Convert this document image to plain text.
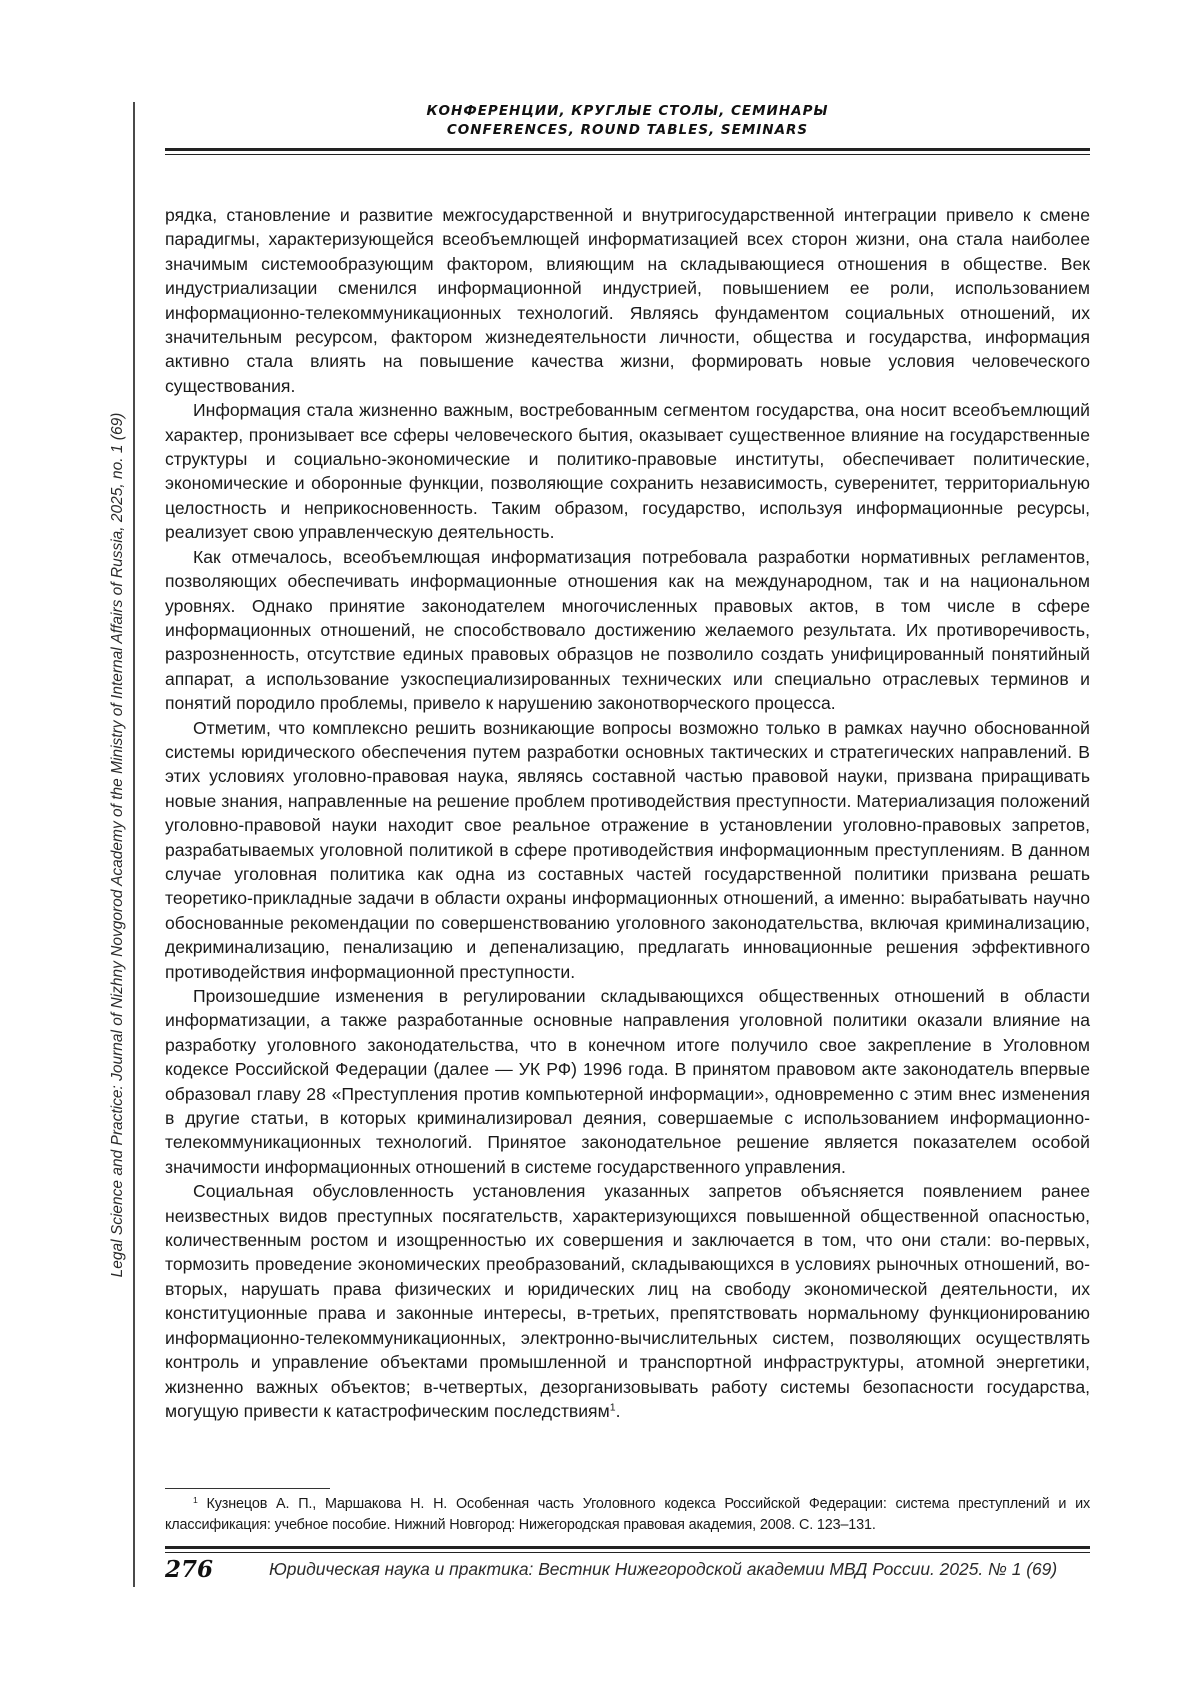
Legal Science and Practice: Journal of Nizhny Novgorod Academy of the Ministry of Internal Affairs of Russia, 2025, no. 1 (69)
КОНФЕРЕНЦИИ, КРУГЛЫЕ СТОЛЫ, СЕМИНАРЫ
CONFERENCES, ROUND TABLES, SEMINARS

рядка, становление и развитие межгосударственной и внутригосударственной интеграции привело к смене парадигмы, характеризующейся всеобъемлющей информатизацией всех сторон жизни, она стала наиболее значимым системообразующим фактором, влияющим на складывающиеся отношения в обществе. Век индустриализации сменился информационной индустрией, повышением ее роли, использованием информационно-телекоммуникационных технологий. Являясь фундаментом социальных отношений, их значительным ресурсом, фактором жизнедеятельности личности, общества и государства, информация активно стала влиять на повышение качества жизни, формировать новые условия человеческого существования.

Информация стала жизненно важным, востребованным сегментом государства, она носит всеобъемлющий характер, пронизывает все сферы человеческого бытия, оказывает существенное влияние на государственные структуры и социально-экономические и политико-правовые институты, обеспечивает политические, экономические и оборонные функции, позволяющие сохранить независимость, суверенитет, территориальную целостность и неприкосновенность. Таким образом, государство, используя информационные ресурсы, реализует свою управленческую деятельность.

Как отмечалось, всеобъемлющая информатизация потребовала разработки нормативных регламентов, позволяющих обеспечивать информационные отношения как на международном, так и на национальном уровнях. Однако принятие законодателем многочисленных правовых актов, в том числе в сфере информационных отношений, не способствовало достижению желаемого результата. Их противоречивость, разрозненность, отсутствие единых правовых образцов не позволило создать унифицированный понятийный аппарат, а использование узкоспециализированных технических или специально отраслевых терминов и понятий породило проблемы, привело к нарушению законотворческого процесса.

Отметим, что комплексно решить возникающие вопросы возможно только в рамках научно обоснованной системы юридического обеспечения путем разработки основных тактических и стратегических направлений. В этих условиях уголовно-правовая наука, являясь составной частью правовой науки, призвана приращивать новые знания, направленные на решение проблем противодействия преступности. Материализация положений уголовно-правовой науки находит свое реальное отражение в установлении уголовно-правовых запретов, разрабатываемых уголовной политикой в сфере противодействия информационным преступлениям. В данном случае уголовная политика как одна из составных частей государственной политики призвана решать теоретико-прикладные задачи в области охраны информационных отношений, а именно: вырабатывать научно обоснованные рекомендации по совершенствованию уголовного законодательства, включая криминализацию, декриминализацию, пенализацию и депенализацию, предлагать инновационные решения эффективного противодействия информационной преступности.

Произошедшие изменения в регулировании складывающихся общественных отношений в области информатизации, а также разработанные основные направления уголовной политики оказали влияние на разработку уголовного законодательства, что в конечном итоге получило свое закрепление в Уголовном кодексе Российской Федерации (далее — УК РФ) 1996 года. В принятом правовом акте законодатель впервые образовал главу 28 «Преступления против компьютерной информации», одновременно с этим внес изменения в другие статьи, в которых криминализировал деяния, совершаемые с использованием информационно-телекоммуникационных технологий. Принятое законодательное решение является показателем особой значимости информационных отношений в системе государственного управления.

Социальная обусловленность установления указанных запретов объясняется появлением ранее неизвестных видов преступных посягательств, характеризующихся повышенной общественной опасностью, количественным ростом и изощренностью их совершения и заключается в том, что они стали: во-первых, тормозить проведение экономических преобразований, складывающихся в условиях рыночных отношений, во-вторых, нарушать права физических и юридических лиц на свободу экономической деятельности, их конституционные права и законные интересы, в-третьих, препятствовать нормальному функционированию информационно-телекоммуникационных, электронно-вычислительных систем, позволяющих осуществлять контроль и управление объектами промышленной и транспортной инфраструктуры, атомной энергетики, жизненно важных объектов; в-четвертых, дезорганизовывать работу системы безопасности государства, могущую привести к катастрофическим последствиям$^1$.

$^1$ Кузнецов А. П., Маршакова Н. Н. Особенная часть Уголовного кодекса Российской Федерации: система преступлений и их классификация: учебное пособие. Нижний Новгород: Нижегородская правовая академия, 2008. С. 123–131.
276	Юридическая наука и практика: Вестник Нижегородской академии МВД России. 2025. № 1 (69)
